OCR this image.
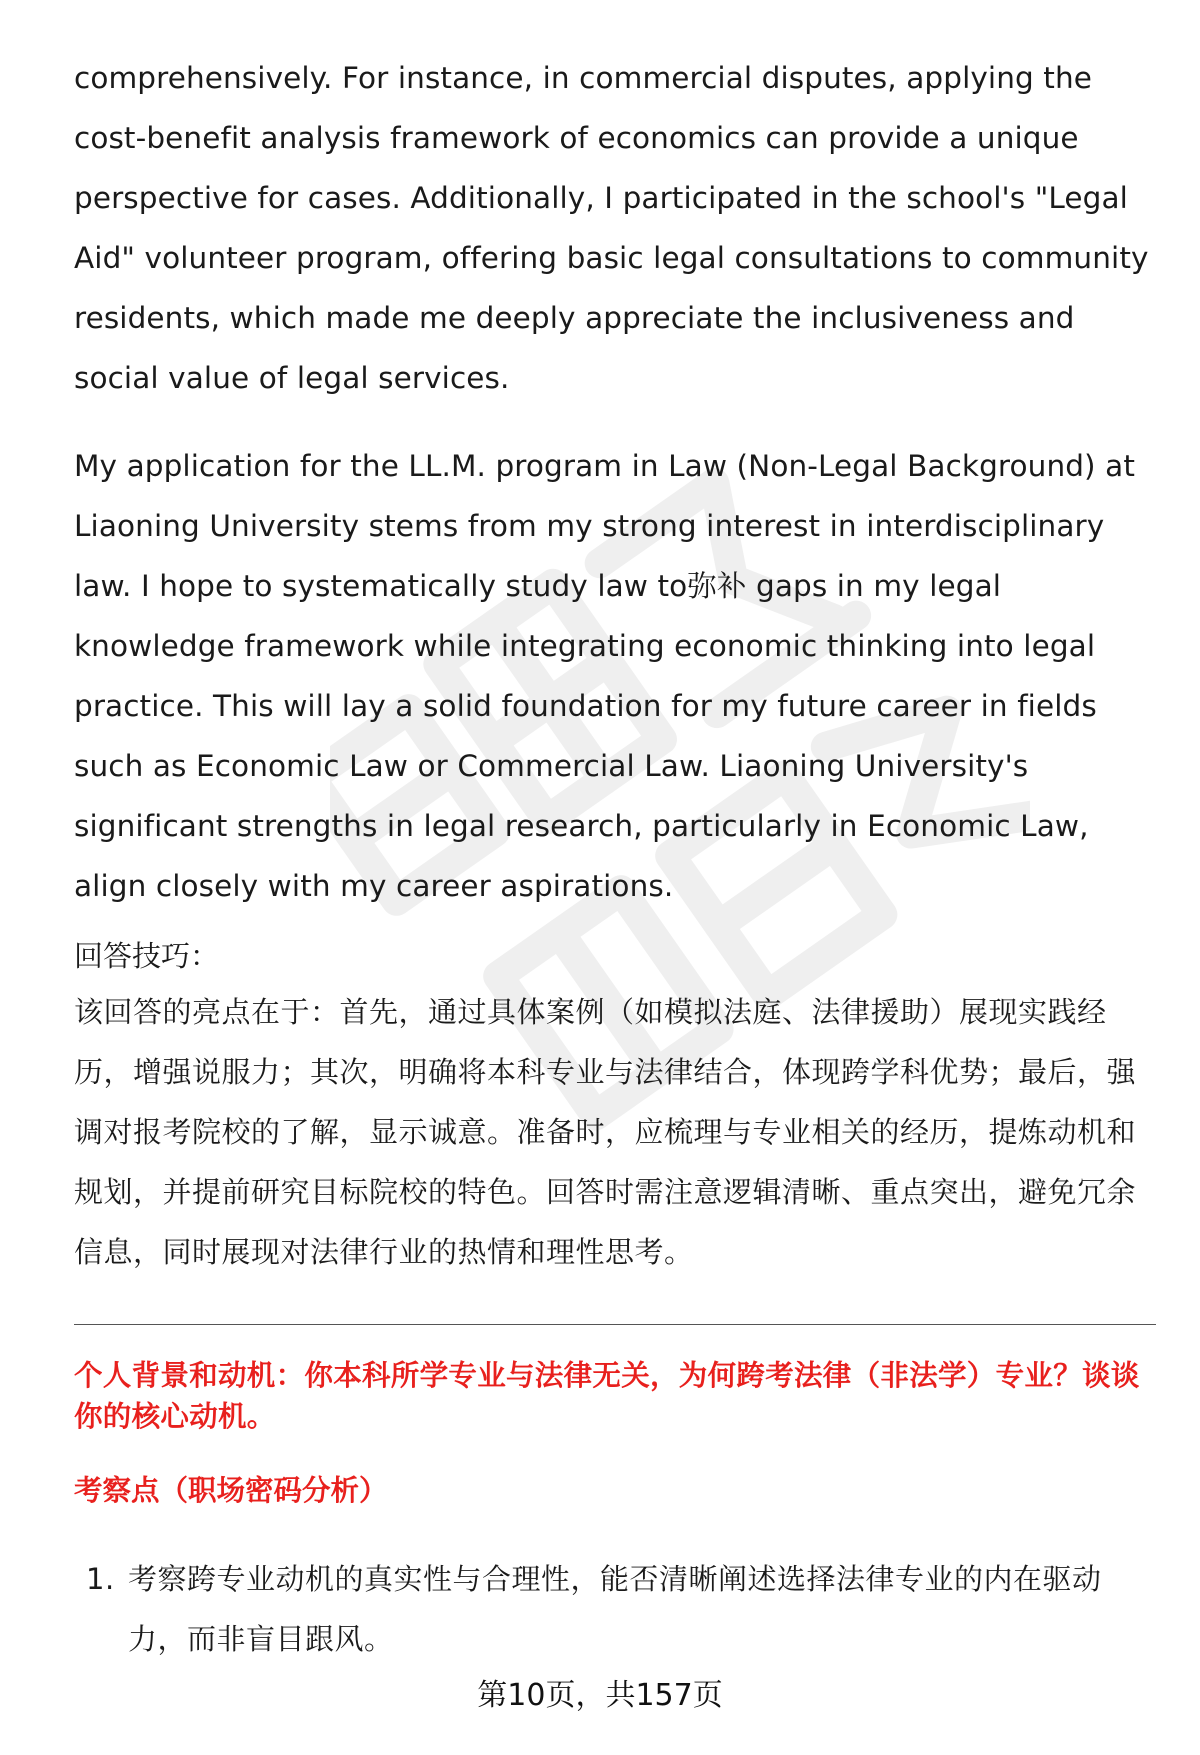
comprehensively. For instance, in commercial disputes, applying the cost-benefit analysis framework of economics can provide a unique perspective for cases. Additionally, I participated in the school's "Legal Aid" volunteer program, offering basic legal consultations to community residents, which made me deeply appreciate the inclusiveness and social value of legal services.

My application for the LL.M. program in Law (Non-Legal Background) at Liaoning University stems from my strong interest in interdisciplinary law. I hope to systematically study law to弥补 gaps in my legal knowledge framework while integrating economic thinking into legal practice. This will lay a solid foundation for my future career in fields such as Economic Law or Commercial Law. Liaoning University's significant strengths in legal research, particularly in Economic Law, align closely with my career aspirations.

回答技巧：

该回答的亮点在于：首先，通过具体案例（如模拟法庭、法律援助）展现实践经历，增强说服力；其次，明确将本科专业与法律结合，体现跨学科优势；最后，强调对报考院校的了解，显示诚意。准备时，应梳理与专业相关的经历，提炼动机和规划，并提前研究目标院校的特色。回答时需注意逻辑清晰、重点突出，避免冗余信息，同时展现对法律行业的热情和理性思考。

个人背景和动机：你本科所学专业与法律无关，为何跨考法律（非法学）专业？谈谈你的核心动机。

考察点（职场密码分析）

1. 考察跨专业动机的真实性与合理性，能否清晰阐述选择法律专业的内在驱动力，而非盲目跟风。
第10页，共157页
